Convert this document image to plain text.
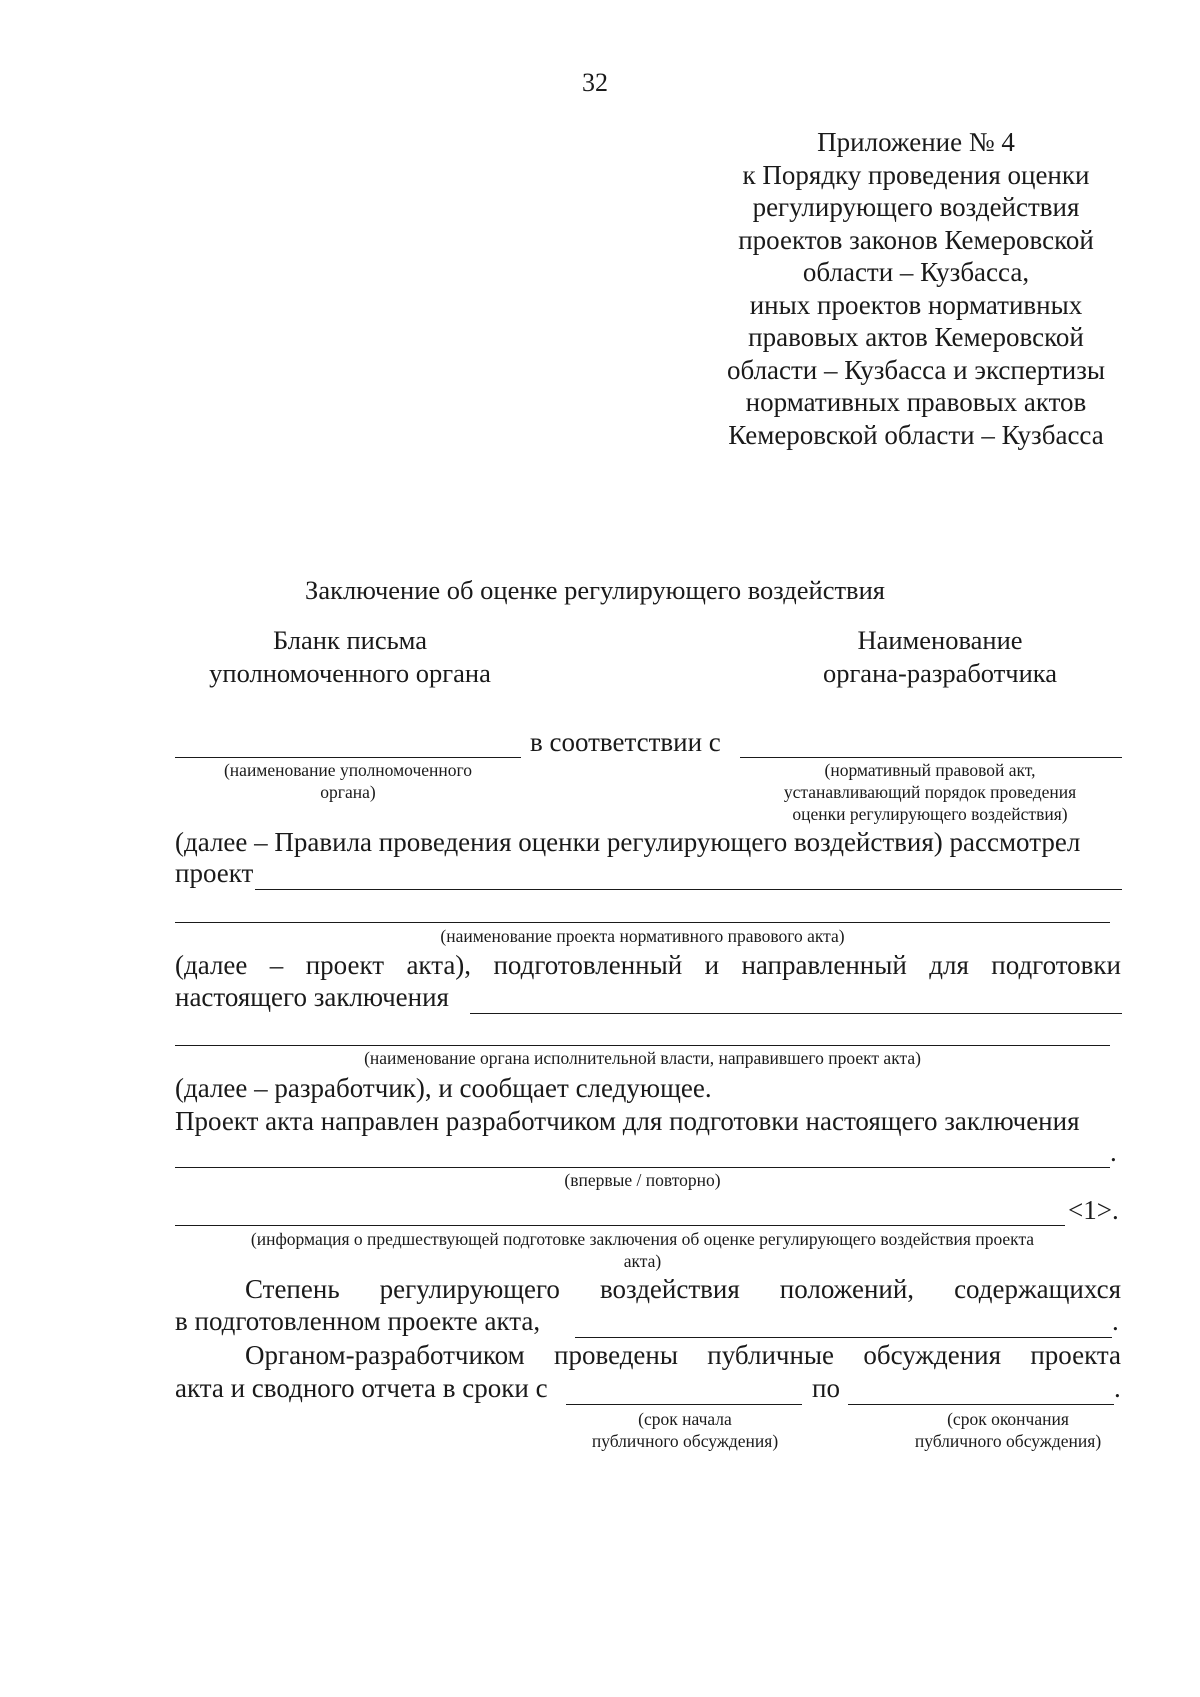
32
Приложение № 4
к Порядку проведения оценки
регулирующего воздействия
проектов законов Кемеровской
области – Кузбасса,
иных проектов нормативных
правовых актов Кемеровской
области – Кузбасса и экспертизы
нормативных правовых актов
Кемеровской области – Кузбасса
Заключение об оценке регулирующего воздействия
Бланк письма
уполномоченного органа
Наименование
органа-разработчика
в соответствии с
(наименование уполномоченного
органа)
(нормативный правовой акт,
устанавливающий порядок проведения
оценки регулирующего воздействия)
(далее – Правила проведения оценки регулирующего воздействия) рассмотрел
проект
(наименование проекта нормативного правового акта)
(далее – проект акта), подготовленный и направленный для подготовки
настоящего заключения
(наименование органа исполнительной власти, направившего проект акта)
(далее – разработчик), и сообщает следующее.
Проект акта направлен разработчиком для подготовки настоящего заключения
.
(впервые / повторно)
<1>.
(информация о предшествующей подготовке заключения об оценке регулирующего воздействия проекта
акта)
Степень регулирующего воздействия положений, содержащихся
в подготовленном проекте акта,	.
Органом-разработчиком проведены публичные обсуждения проекта
акта и сводного отчета в сроки с	по	.
(срок начала
публичного обсуждения)
(срок окончания
публичного обсуждения)
